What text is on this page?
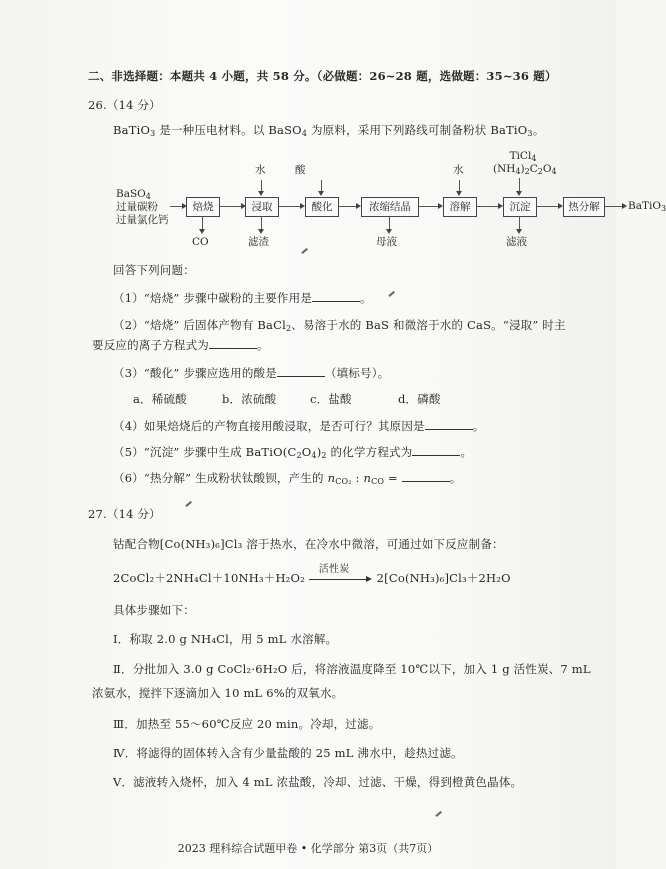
二、非选择题：本题共 4 小题，共 58 分。（必做题：26~28 题，选做题：35~36 题）
26.（14 分）
BaTiO$_3$ 是一种压电材料。以 BaSO$_4$ 为原料，采用下列路线可制备粉状 BaTiO$_3$。
BaSO$_4$
过量碳粉
过量氯化钙
焙烧	浸取	酸化	浓缩结晶	溶解	沉淀	热分解	BaTiO$_3$
水	酸	水
TiCl$_4$
$(NH_4)_2C_2O_4$
CO	滤渣	母液	滤液
回答下列问题：
（1）“焙烧” 步骤中碳粉的主要作用是	。
（2）“焙烧” 后固体产物有 BaCl$_2$、易溶于水的 BaS 和微溶于水的 CaS。“浸取” 时主
要反应的离子方程式为	。
（3）“酸化” 步骤应选用的酸是	（填标号）。
a．稀硫酸	b．浓硫酸	c．盐酸	d．磷酸
（4）如果焙烧后的产物直接用酸浸取，是否可行？其原因是	。
（5）“沉淀” 步骤中生成 $BaTiO(C_2O_4)_2$ 的化学方程式为	。
（6）“热分解” 生成粉状钛酸钡，产生的 $n_{CO_2}$ : $n_{CO}$ =	。
27.（14 分）
钴配合物[Co(NH₃)₆]Cl₃ 溶于热水，在冷水中微溶，可通过如下反应制备：
2CoCl₂＋2NH₄Cl＋10NH₃＋H₂O₂
活性炭
2[Co(NH₃)₆]Cl₃＋2H₂O
具体步骤如下：
Ⅰ．称取 2.0 g NH₄Cl，用 5 mL 水溶解。
Ⅱ．分批加入 3.0 g CoCl₂·6H₂O 后，将溶液温度降至 10℃以下，加入 1 g 活性炭、7 mL
浓氨水，搅拌下逐滴加入 10 mL 6%的双氧水。
Ⅲ．加热至 55～60℃反应 20 min。冷却，过滤。
Ⅳ．将滤得的固体转入含有少量盐酸的 25 mL 沸水中，趁热过滤。
Ⅴ．滤液转入烧杯，加入 4 mL 浓盐酸，冷却、过滤、干燥，得到橙黄色晶体。
2023 理科综合试题甲卷 • 化学部分 第3页（共7页）
